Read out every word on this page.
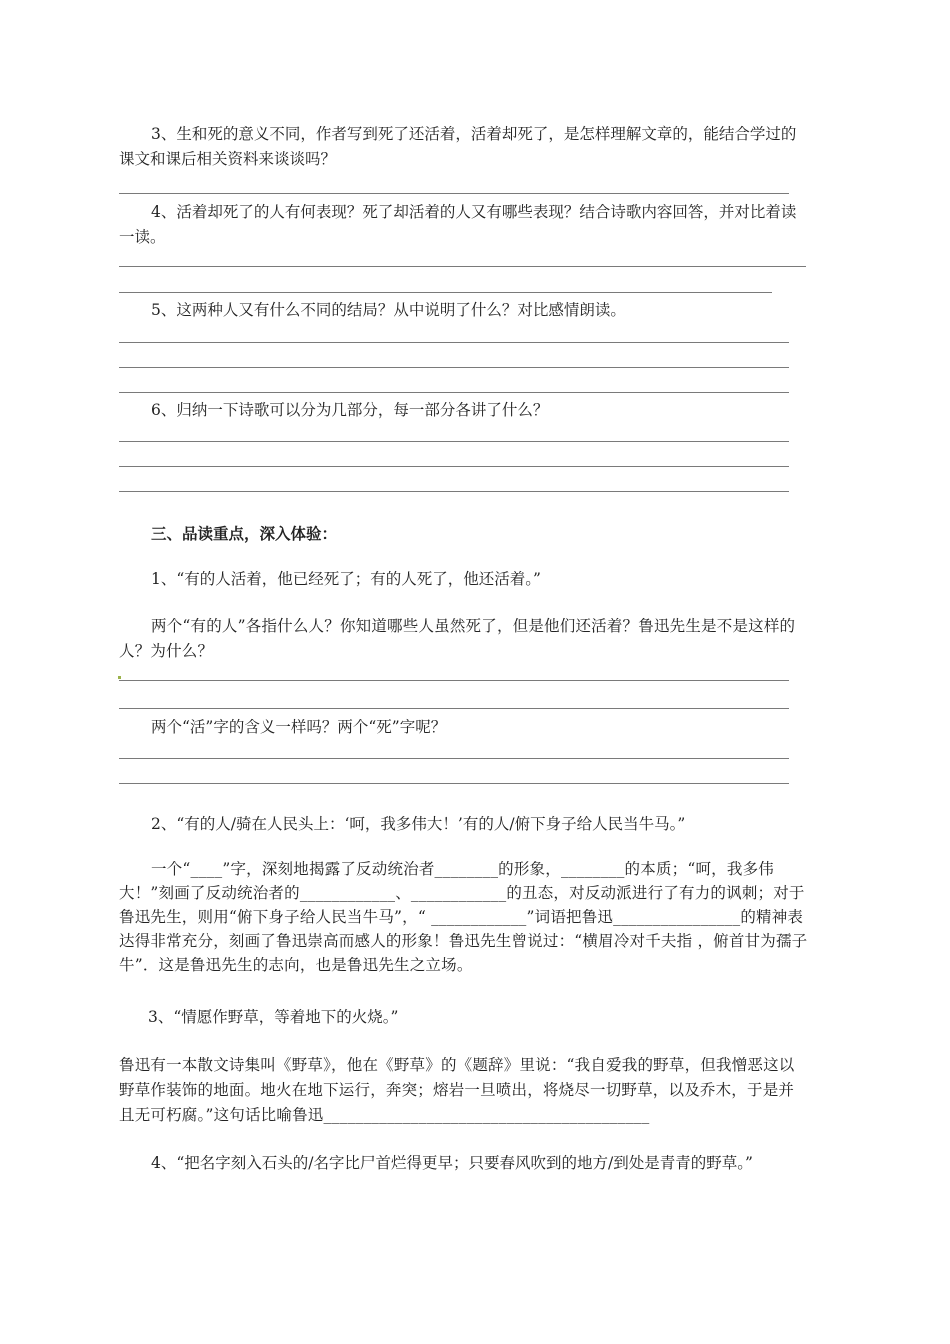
3、生和死的意义不同，作者写到死了还活着，活着却死了，是怎样理解文章的，能结合学过的课文和课后相关资料来谈谈吗？
4、活着却死了的人有何表现？死了却活着的人又有哪些表现？结合诗歌内容回答，并对比着读一读。
5、这两种人又有什么不同的结局？从中说明了什么？对比感情朗读。
6、归纳一下诗歌可以分为几部分，每一部分各讲了什么？
三、品读重点，深入体验：
1、“有的人活着，他已经死了；有的人死了，他还活着。”
两个“有的人”各指什么人？你知道哪些人虽然死了，但是他们还活着？鲁迅先生是不是这样的人？为什么？
两个“活”字的含义一样吗？两个“死”字呢？
2、“有的人/骑在人民头上：‘呵，我多伟大！’有的人/俯下身子给人民当牛马。”
一个“____”字，深刻地揭露了反动统治者________的形象，________的本质；“呵，我多伟大！”刻画了反动统治者的____________、____________的丑态，对反动派进行了有力的讽刺；对于鲁迅先生，则用“俯下身子给人民当牛马”，“ ____________”词语把鲁迅________________的精神表达得非常充分，刻画了鲁迅崇高而感人的形象！鲁迅先生曾说过：“横眉冷对千夫指 ，俯首甘为孺子牛”．这是鲁迅先生的志向，也是鲁迅先生之立场。
3、“情愿作野草，等着地下的火烧。”
鲁迅有一本散文诗集叫《野草》，他在《野草》的《题辞》里说：“我自爱我的野草，但我憎恶这以野草作装饰的地面。地火在地下运行，奔突；熔岩一旦喷出，将烧尽一切野草，以及乔木，于是并且无可朽腐。”这句话比喻鲁迅_________________________________________
4、“把名字刻入石头的/名字比尸首烂得更早；只要春风吹到的地方/到处是青青的野草。”
